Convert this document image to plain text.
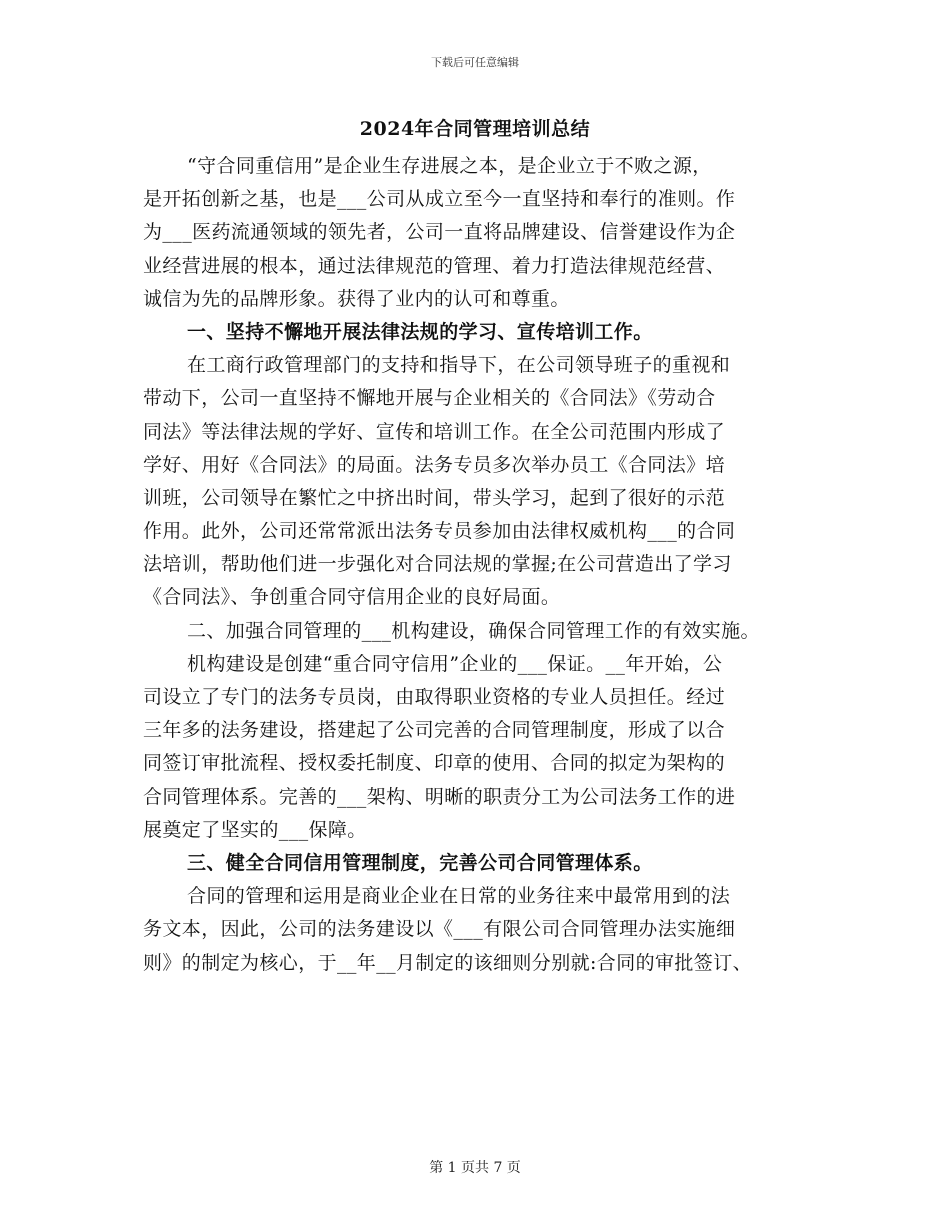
下载后可任意编辑
2024年合同管理培训总结
“守合同重信用”是企业生存进展之本，是企业立于不败之源，
是开拓创新之基，也是___公司从成立至今一直坚持和奉行的准则。作
为___医药流通领域的领先者，公司一直将品牌建设、信誉建设作为企
业经营进展的根本，通过法律规范的管理、着力打造法律规范经营、
诚信为先的品牌形象。获得了业内的认可和尊重。
一、坚持不懈地开展法律法规的学习、宣传培训工作。
在工商行政管理部门的支持和指导下，在公司领导班子的重视和
带动下，公司一直坚持不懈地开展与企业相关的《合同法》《劳动合
同法》等法律法规的学好、宣传和培训工作。在全公司范围内形成了
学好、用好《合同法》的局面。法务专员多次举办员工《合同法》培
训班，公司领导在繁忙之中挤出时间，带头学习，起到了很好的示范
作用。此外，公司还常常派出法务专员参加由法律权威机构___的合同
法培训，帮助他们进一步强化对合同法规的掌握;在公司营造出了学习
《合同法》、争创重合同守信用企业的良好局面。
二、加强合同管理的___机构建设，确保合同管理工作的有效实施。
机构建设是创建“重合同守信用”企业的___保证。__年开始，公
司设立了专门的法务专员岗，由取得职业资格的专业人员担任。经过
三年多的法务建设，搭建起了公司完善的合同管理制度，形成了以合
同签订审批流程、授权委托制度、印章的使用、合同的拟定为架构的
合同管理体系。完善的___架构、明晰的职责分工为公司法务工作的进
展奠定了坚实的___保障。
三、健全合同信用管理制度，完善公司合同管理体系。
合同的管理和运用是商业企业在日常的业务往来中最常用到的法
务文本，因此，公司的法务建设以《___有限公司合同管理办法实施细
则》的制定为核心，于__年__月制定的该细则分别就:合同的审批签订、
第 1 页共 7 页
